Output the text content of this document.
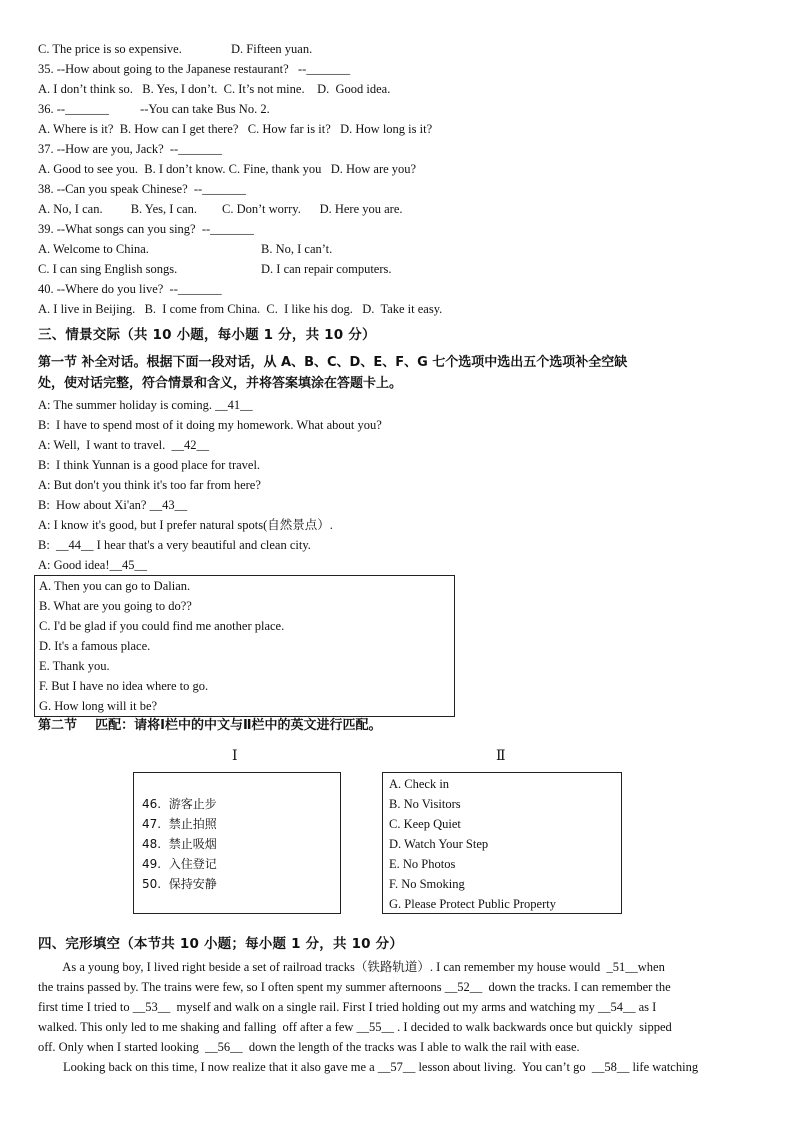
C. The price is so expensive.	D. Fifteen yuan.
35. --How about going to the Japanese restaurant?   --_______
A. I don’t think so.   B. Yes, I don’t.  C. It’s not mine.    D.  Good idea.
36. --_______          --You can take Bus No. 2.
A. Where is it?  B. How can I get there?   C. How far is it?   D. How long is it?
37. --How are you, Jack?  --_______
A. Good to see you.  B. I don’t know. C. Fine, thank you   D. How are you?
38. --Can you speak Chinese?  --_______
A. No, I can.         B. Yes, I can.        C. Don’t worry.      D. Here you are.
39. --What songs can you sing?  --_______
A. Welcome to China.	B. No, I can’t.
C. I can sing English songs.	D. I can repair computers.
40. --Where do you live?  --_______
A. I live in Beijing.   B.  I come from China.  C.  I like his dog.   D.  Take it easy.
三、情景交际（共 10 小题，每小题 1 分，共 10 分）
第一节 补全对话。根据下面一段对话，从 A、B、C、D、E、F、G 七个选项中选出五个选项补全空缺
处，使对话完整，符合情景和含义，并将答案填涂在答题卡上。
A: The summer holiday is coming. __41__
B:  I have to spend most of it doing my homework. What about you?
A: Well,  I want to travel.  __42__
B:  I think Yunnan is a good place for travel.
A: But don't you think it's too far from here?
B:  How about Xi'an? __43__
A: I know it's good, but I prefer natural spots(自然景点）.
B:  __44__ I hear that's a very beautiful and clean city.
A: Good idea!__45__
A. Then you can go to Dalian.
B. What are you going to do??
C. I'd be glad if you could find me another place.
D. It's a famous place.
E. Thank you.
F. But I have no idea where to go.
G. How long will it be?
第二节    匹配：请将Ⅰ栏中的中文与Ⅱ栏中的英文进行匹配。
Ⅰ	Ⅱ
46.  游客止步
47.  禁止拍照
48.  禁止吸烟
49.  入住登记
50.  保持安静
A. Check in
B. No Visitors
C. Keep Quiet
D. Watch Your Step
E. No Photos
F. No Smoking
G. Please Protect Public Property
四、完形填空（本节共 10 小题；每小题 1 分，共 10 分）
As a young boy, I lived right beside a set of railroad tracks（铁路轨道）. I can remember my house would  _51__when
the trains passed by. The trains were few, so I often spent my summer afternoons __52__  down the tracks. I can remember the
first time I tried to __53__  myself and walk on a single rail. First I tried holding out my arms and watching my __54__ as I
walked. This only led to me shaking and falling  off after a few __55__ . I decided to walk backwards once but quickly  sipped
off. Only when I started looking  __56__  down the length of the tracks was I able to walk the rail with ease.
Looking back on this time, I now realize that it also gave me a __57__ lesson about living.  You can’t go  __58__ life watching
